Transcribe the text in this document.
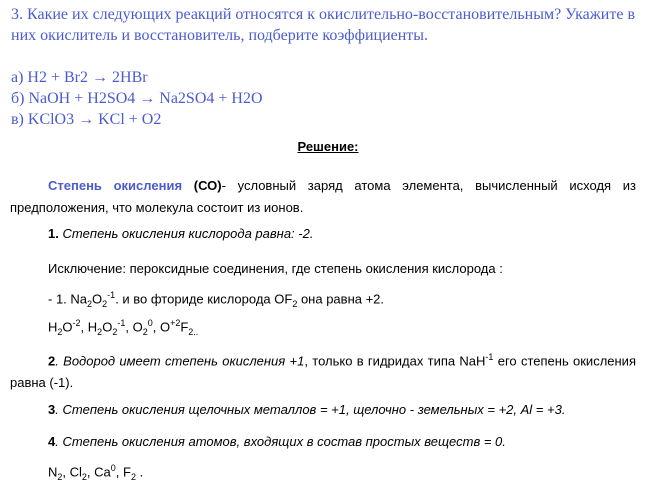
3. Какие их следующих реакций относятся к окислительно-восстановительным? Укажите в них окислитель и восстановитель, подберите коэффициенты.

а) H2 + Br2 → 2HBr

б) NaOH + H2SO4 → Na2SO4 + H2O

в) KClO3 → KCl + O2

Решение:
Степень окисления (СО)- условный заряд атома элемента, вычисленный исходя из предположения, что молекула состоит из ионов.
1. Степень окисления кислорода равна: -2.
Исключение: пероксидные соединения, где степень окисления кислорода :
- 1. $Na_2O_2^{-1}$. и во фториде кислорода $OF_2$ она равна +2.
$H_2O^{-2}$, $H_2O_2^{-1}$, $O_2^0$, $O^{+2}F_{2..}$
2. Водород имеет степень окисления +1, только в гидридах типа NaH$^{-1}$ его степень окисления равна (-1).
3. Степень окисления щелочных металлов = +1, щелочно - земельных = +2, Al = +3.
4. Степень окисления атомов, входящих в состав простых веществ = 0.
$N_2$, $Cl_2$, Ca$^0$, $F_2$ .
